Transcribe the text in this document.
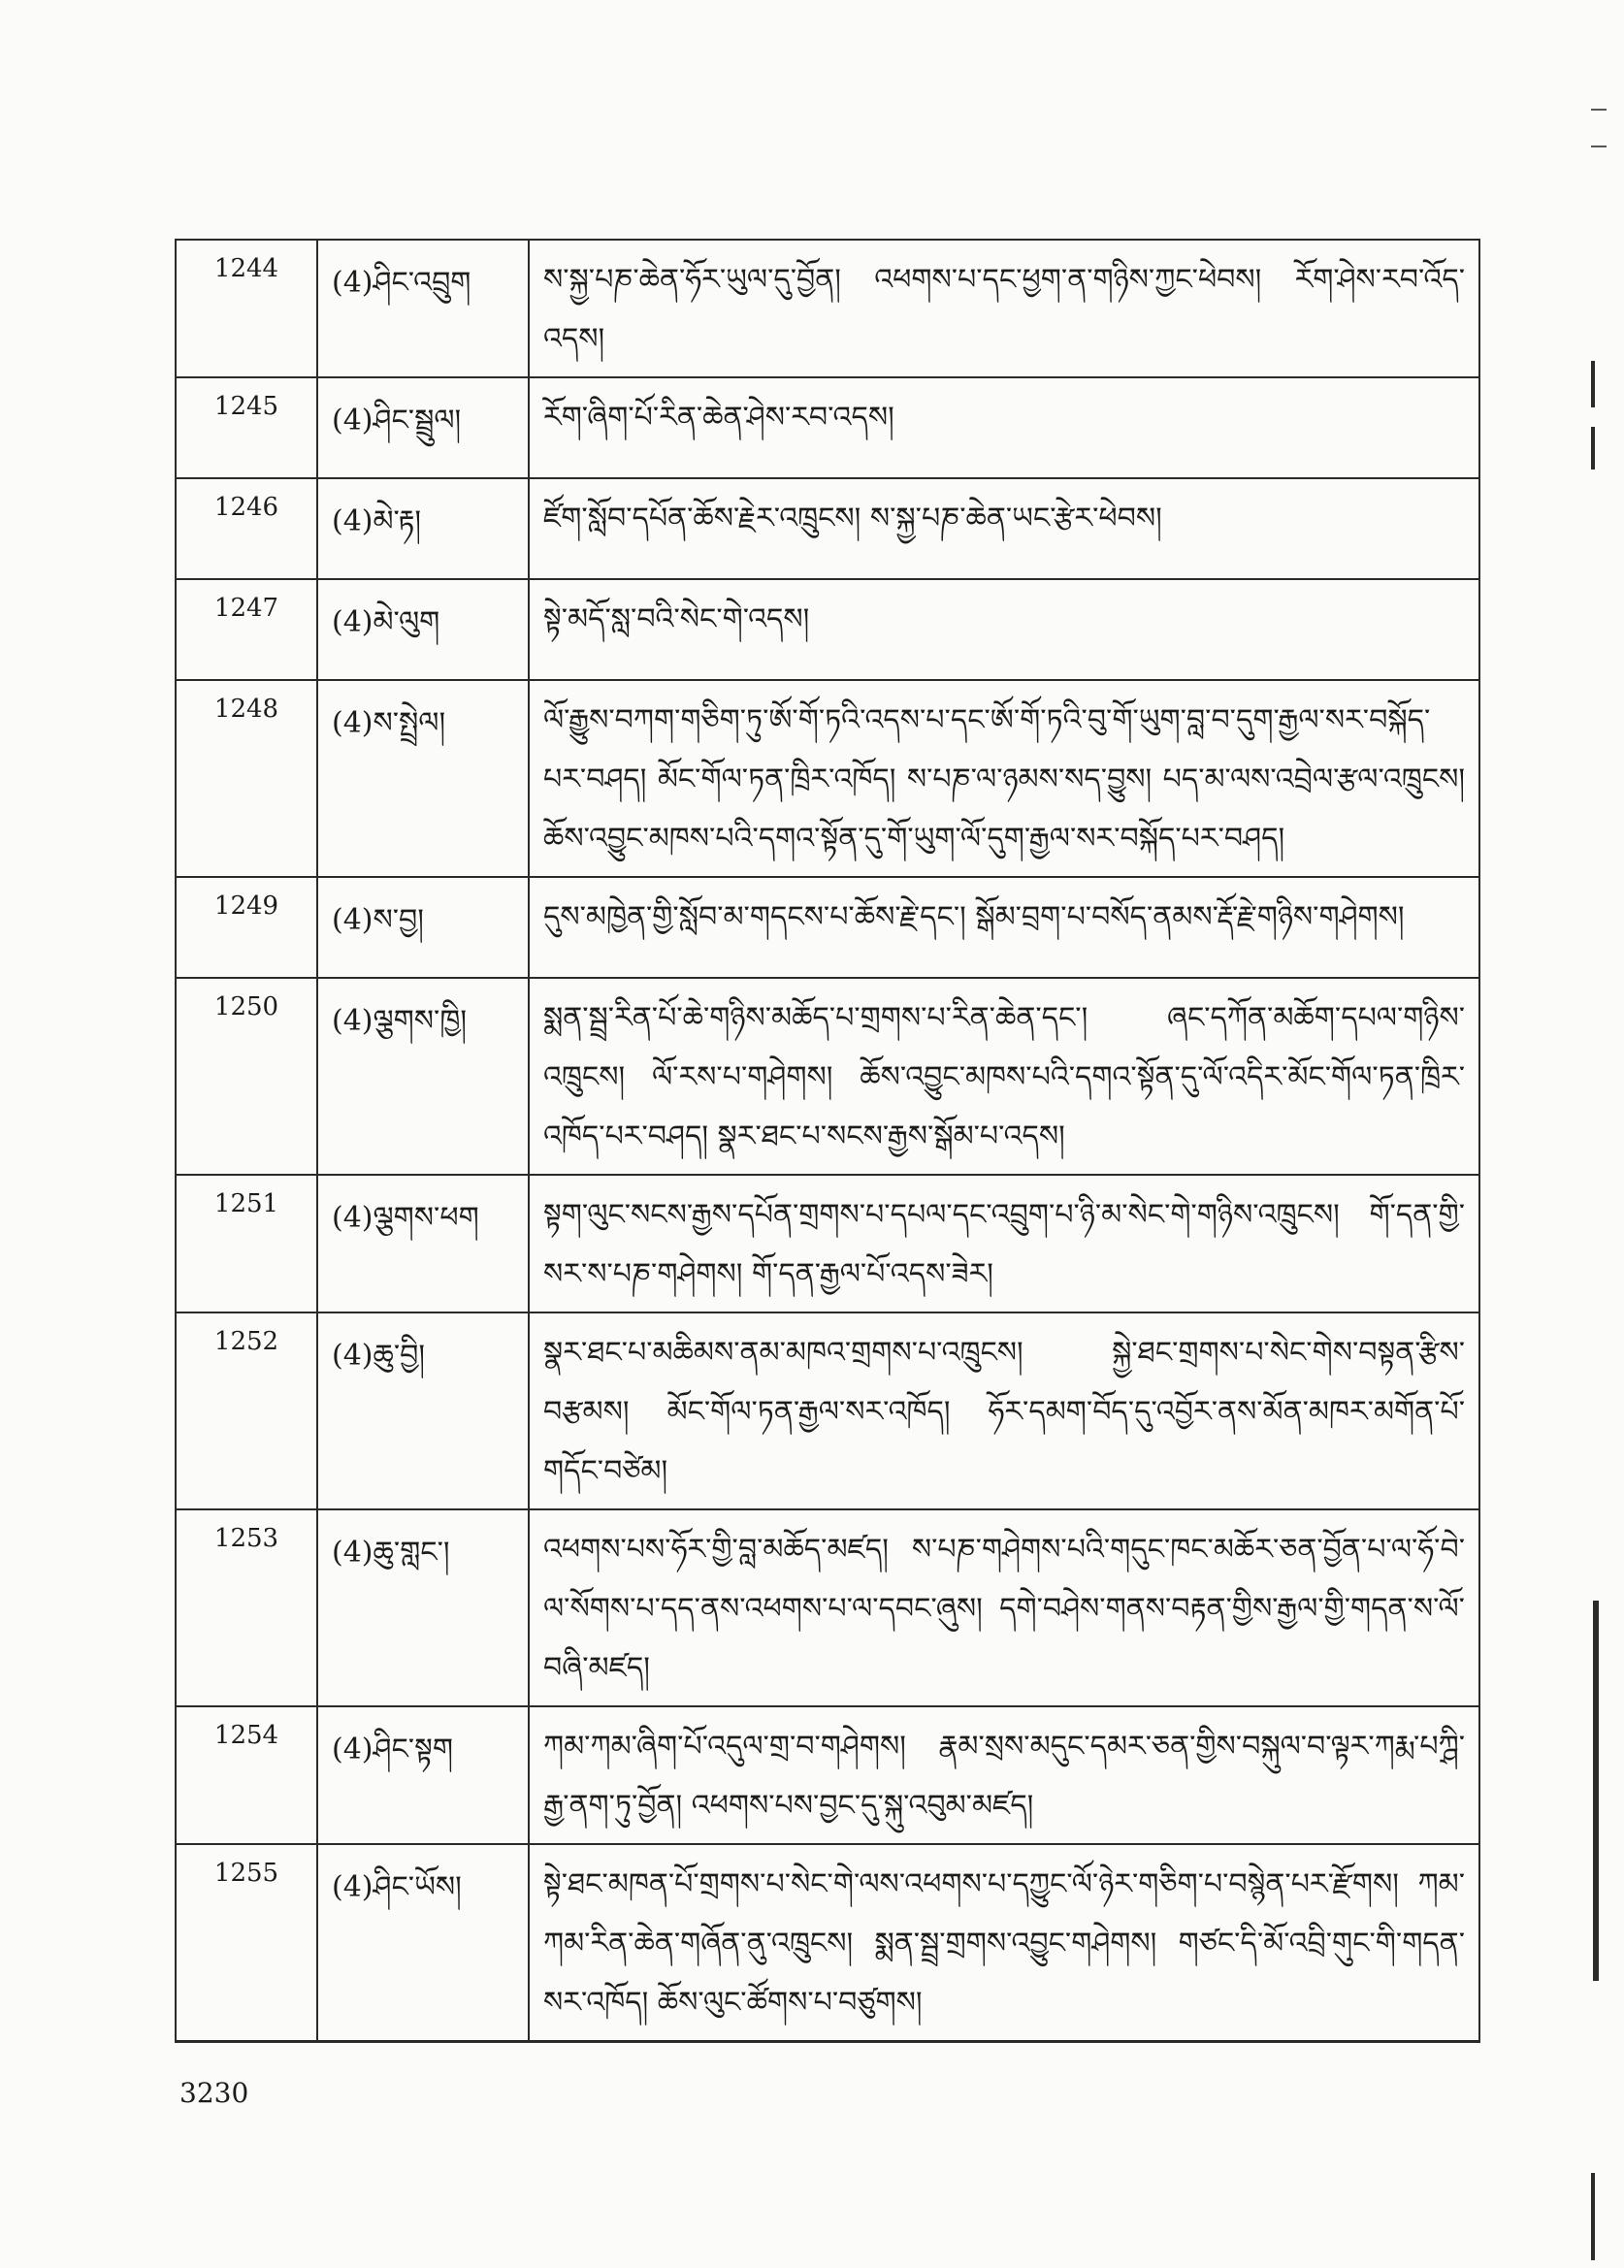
1244	(4)ཤིང་འབྲུག	ས་སྐྱ་པཎ་ཆེན་ཧོར་ཡུལ་དུ་བྱོན། འཕགས་པ་དང་ཕྱག་ན་གཉིས་ཀྱང་ཕེབས། རོག་ཤེས་རབ་འོད་འདས།
1245	(4)ཤིང་སྦྲུལ།	རོག་ཞིག་པོ་རིན་ཆེན་ཤེས་རབ་འདས།
1246	(4)མེ་རྟ།	ཛོག་སློབ་དཔོན་ཆོས་རྗེར་འཁྲུངས། ས་སྐྱ་པཎ་ཆེན་ཡང་རྩེར་ཕེབས།
1247	(4)མེ་ལུག	སྟེ་མདོ་སླ་བའི་སེང་གེ་འདས།
1248	(4)ས་སྤྲེལ།	ལོ་རྒྱུས་བཀག་གཅིག་ཏུ་ཨོ་གོ་ཏའི་འདས་པ་དང་ཨོ་གོ་ཏའི་བུ་གོ་ཡུག་བླ་བ་དུག་རྒྱལ་སར་བསྐོད་པར་བཤད། མོང་གོལ་ཏན་ཁྲིར་འཁོད། ས་པཎ་ལ་ཉམས་སད་བྱུས། པད་མ་ལས་འབྲེལ་རྩལ་འཁྲུངས། ཆོས་འབྱུང་མཁས་པའི་དགའ་སྟོན་དུ་གོ་ཡུག་ལོ་དུག་རྒྱལ་སར་བསྐོད་པར་བཤད།
1249	(4)ས་བྱ།	དུས་མཁྱེན་གྱི་སློབ་མ་གདངས་པ་ཆོས་རྗེ་དང་། སྒོམ་བྲག་པ་བསོད་ནམས་རྡོ་རྗེ་གཉིས་གཤེགས།
1250	(4)ལྕགས་ཁྱི།	སྨན་སྦྲ་རིན་པོ་ཆེ་གཉིས་མཆོད་པ་གྲགས་པ་རིན་ཆེན་དང་། ཞང་དཀོན་མཆོག་དཔལ་གཉིས་འཁྲུངས། ལོ་རས་པ་གཤེགས། ཆོས་འབྱུང་མཁས་པའི་དགའ་སྟོན་དུ་ལོ་འདིར་མོང་གོལ་ཏན་ཁྲིར་འཁོད་པར་བཤད། སྣར་ཐང་པ་སངས་རྒྱས་སྒོམ་པ་འདས།
1251	(4)ལྕགས་ཕག	སྟག་ལུང་སངས་རྒྱས་དཔོན་གྲགས་པ་དཔལ་དང་འབྲུག་པ་ཉི་མ་སེང་གེ་གཉིས་འཁྲུངས། གོ་དན་གྱི་སར་ས་པཎ་གཤེགས། གོ་དན་རྒྱལ་པོ་འདས་ཟེར།
1252	(4)ཆུ་བྱི།	སྣར་ཐང་པ་མཆིམས་ནམ་མཁའ་གྲགས་པ་འཁྲུངས། སྐྱེ་ཐང་གྲགས་པ་སེང་གེས་བསྟན་རྩིས་བརྩམས། མོང་གོལ་ཏན་རྒྱལ་སར་འཁོད། ཧོར་དམག་བོད་དུ་འབྱོར་ནས་མོན་མཁར་མགོན་པོ་གདོང་བཙེམ།
1253	(4)ཆུ་གླང་།	འཕགས་པས་ཧོར་གྱི་བླ་མཆོད་མཛད། ས་པཎ་གཤེགས་པའི་གདུང་ཁང་མཆོར་ཅན་བྱོན་པ་ལ་ཧོ་བེ་ལ་སོགས་པ་དད་ནས་འཕགས་པ་ལ་དབང་ཞུས། དགེ་བཤེས་གནས་བརྟན་གྱིས་རྒྱལ་གྱི་གདན་ས་ལོ་བཞི་མཛད།
1254	(4)ཤིང་སྟག	ཀམ་ཀམ་ཞིག་པོ་འདུལ་གྲ་བ་གཤེགས། རྣམ་སྲས་མདུང་དམར་ཅན་གྱིས་བསྐུལ་བ་ལྟར་ཀརྨ་པཀྴི་རྒྱ་ནག་ཏུ་བྱོན། འཕགས་པས་བྱང་དུ་སྐུ་འབུམ་མཛད།
1255	(4)ཤིང་ཡོས།	སྟེ་ཐང་མཁན་པོ་གྲགས་པ་སེང་གེ་ལས་འཕགས་པ་དཀྱུང་ལོ་ཉེར་གཅིག་པ་བསྙེན་པར་རྫོགས། ཀམ་ཀམ་རིན་ཆེན་གཞོན་ནུ་འཁྲུངས། སྨན་སྦྲ་གྲགས་འབྱུང་གཤེགས། གཙང་དི་མོ་འབྲི་གུང་གི་གདན་སར་འཁོད། ཆོས་ལུང་ཚོགས་པ་བཙུགས།
3230
